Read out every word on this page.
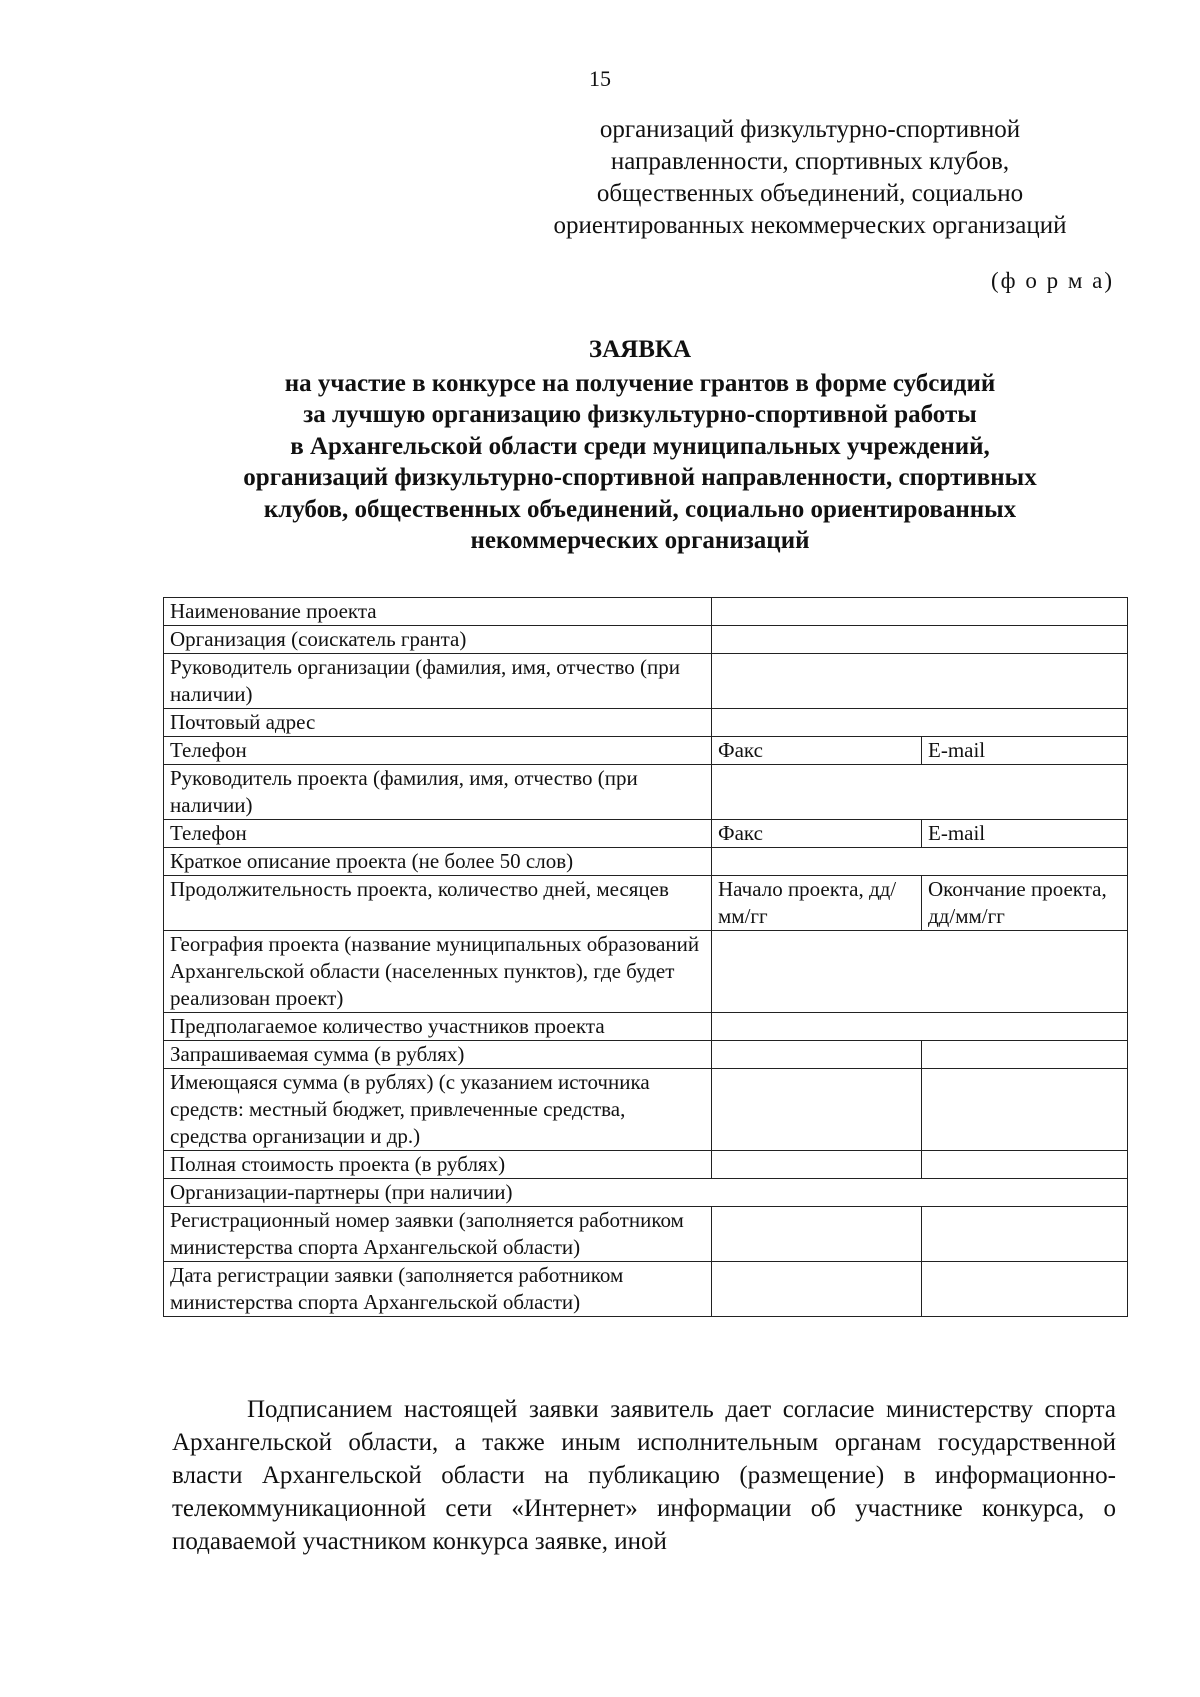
15
организаций физкультурно-спортивной
направленности, спортивных клубов,
общественных объединений, социально
ориентированных некоммерческих организаций
(ф о р м а)
ЗАЯВКА
на участие в конкурсе на получение грантов в форме субсидий
за лучшую организацию физкультурно-спортивной работы
в Архангельской области среди муниципальных учреждений,
организаций физкультурно-спортивной направленности, спортивных
клубов, общественных объединений, социально ориентированных
некоммерческих организаций
Наименование проекта		
Организация (соискатель гранта)		
Руководитель организации (фамилия, имя, отчество (при наличии)		
Почтовый адрес		
Телефон	Факс	E-mail
Руководитель проекта (фамилия, имя, отчество (при наличии)		
Телефон	Факс	E-mail
Краткое описание проекта (не более 50 слов)		
Продолжительность проекта, количество дней, месяцев	Начало проекта, дд/мм/гг	Окончание проекта, дд/мм/гг
География проекта (название муниципальных образований Архангельской области (населенных пунктов), где будет реализован проект)		
Предполагаемое количество участников проекта		
Запрашиваемая сумма (в рублях)		
Имеющаяся сумма (в рублях) (с указанием источника средств: местный бюджет, привлеченные средства, средства организации и др.)		
Полная стоимость проекта (в рублях)		
Организации-партнеры (при наличии)		
Регистрационный номер заявки (заполняется работником министерства спорта Архангельской области)		
Дата регистрации заявки (заполняется работником министерства спорта Архангельской области)		
Подписанием настоящей заявки заявитель дает согласие министерству спорта Архангельской области, а также иным исполнительным органам государственной власти Архангельской области на публикацию (размещение) в информационно-телекоммуникационной сети «Интернет» информации об участнике конкурса, о подаваемой участником конкурса заявке, иной
